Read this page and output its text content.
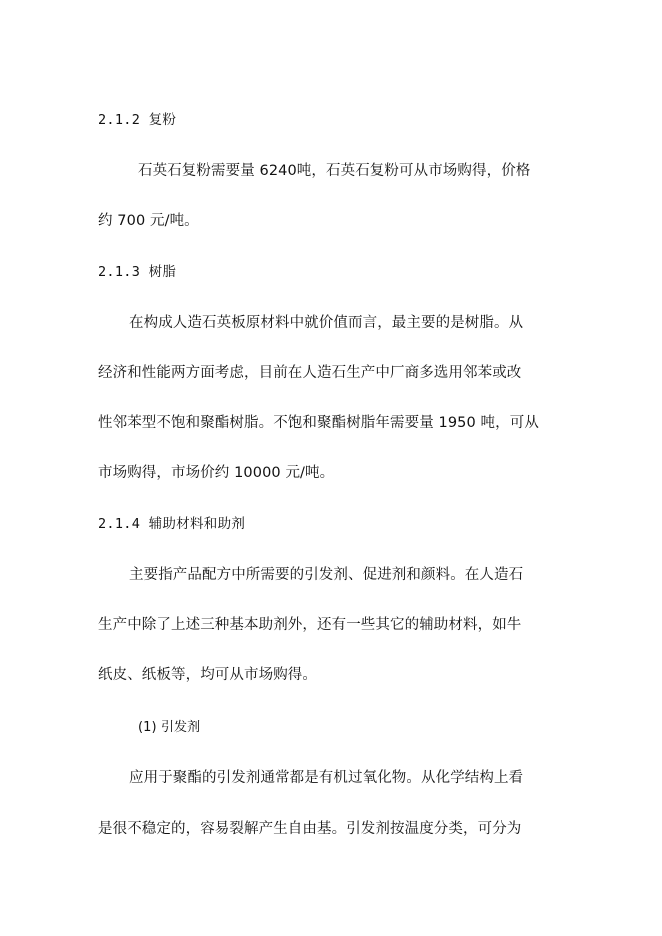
2.1.2 复粉
石英石复粉需要量 6240吨，石英石复粉可从市场购得，价格
约 700 元/吨。
2.1.3 树脂
在构成人造石英板原材料中就价值而言，最主要的是树脂。从
经济和性能两方面考虑，目前在人造石生产中厂商多选用邻苯或改
性邻苯型不饱和聚酯树脂。不饱和聚酯树脂年需要量 1950 吨，可从
市场购得，市场价约 10000 元/吨。
2.1.4 辅助材料和助剂
主要指产品配方中所需要的引发剂、促进剂和颜料。在人造石
生产中除了上述三种基本助剂外，还有一些其它的辅助材料，如牛
纸皮、纸板等，均可从市场购得。
(1) 引发剂
应用于聚酯的引发剂通常都是有机过氧化物。从化学结构上看
是很不稳定的，容易裂解产生自由基。引发剂按温度分类，可分为
